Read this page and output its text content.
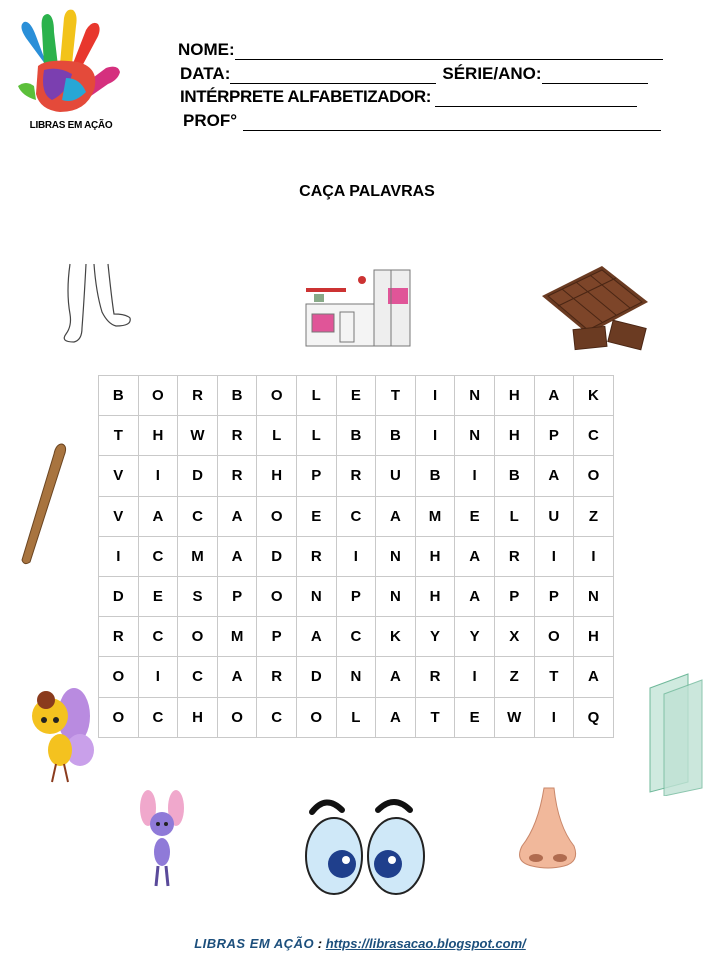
LIBRAS EM AÇÃO
NOME:
DATA:	SÉRIE/ANO:
INTÉRPRETE ALFABETIZADOR:
PROF°
CAÇA PALAVRAS
B	O	R	B	O	L	E	T	I	N	H	A	K
T	H	W	R	L	L	B	B	I	N	H	P	C
V	I	D	R	H	P	R	U	B	I	B	A	O
V	A	C	A	O	E	C	A	M	E	L	U	Z
I	C	M	A	D	R	I	N	H	A	R	I	I
D	E	S	P	O	N	P	N	H	A	P	P	N
R	C	O	M	P	A	C	K	Y	Y	X	O	H
O	I	C	A	R	D	N	A	R	I	Z	T	A
O	C	H	O	C	O	L	A	T	E	W	I	Q
LIBRAS EM AÇÃO : https://librasacao.blogspot.com/
